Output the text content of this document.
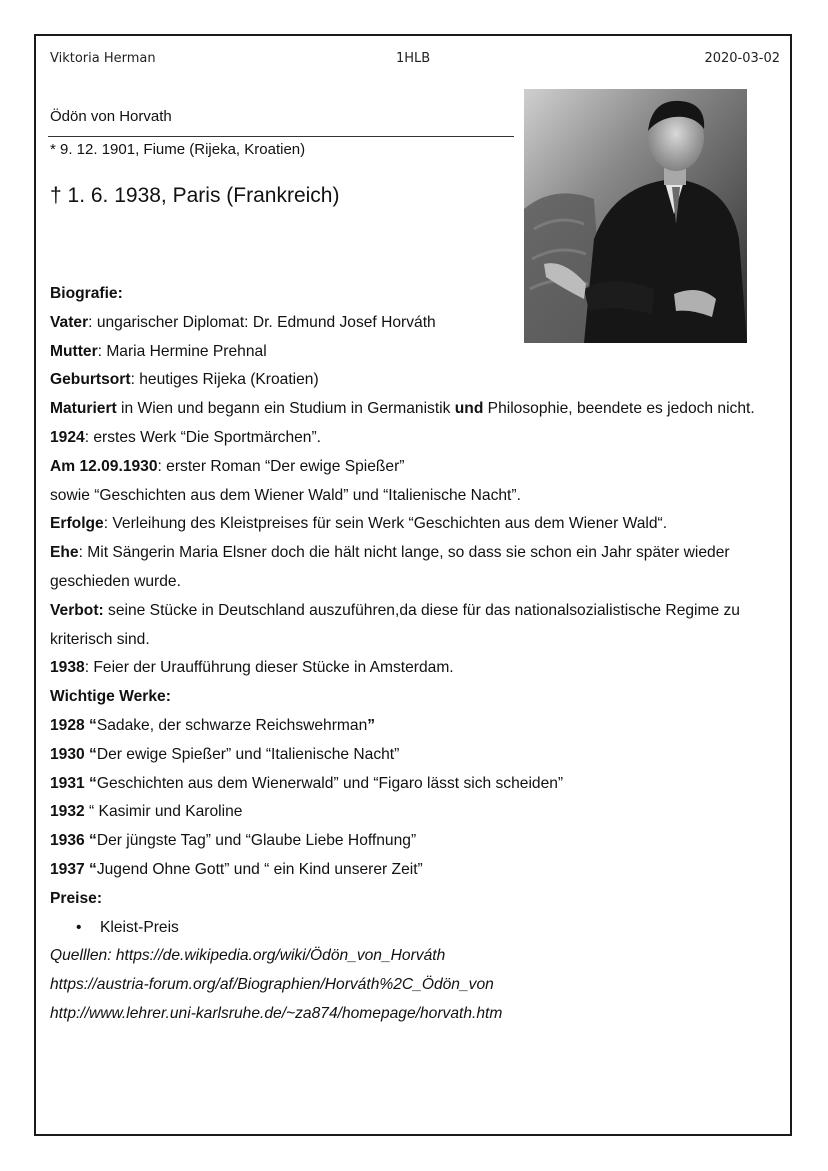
Viktoria Herman	1HLB	2020-03-02
Ödön von Horvath
* 9. 12. 1901, Fiume (Rijeka, Kroatien)
† 1. 6. 1938, Paris (Frankreich)

Biografie:

Vater: ungarischer Diplomat: Dr. Edmund Josef Horváth

Mutter: Maria Hermine Prehnal

Geburtsort: heutiges Rijeka (Kroatien)

Maturiert in Wien und begann ein Studium in Germanistik und Philosophie, beendete es jedoch nicht.

1924: erstes Werk “Die Sportmärchen”.

Am 12.09.1930: erster Roman “Der ewige Spießer”

sowie “Geschichten aus dem Wiener Wald” und “Italienische Nacht”.

Erfolge: Verleihung des Kleistpreises für sein Werk “Geschichten aus dem Wiener Wald“.

Ehe: Mit Sängerin Maria Elsner doch die hält nicht lange, so dass sie schon ein Jahr später wieder geschieden wurde.

Verbot: seine Stücke in Deutschland auszuführen,da diese für das nationalsozialistische Regime zu kriterisch sind.

1938: Feier der Uraufführung dieser Stücke in Amsterdam.

Wichtige Werke:

1928 “Sadake, der schwarze Reichswehrman”

1930 “Der ewige Spießer” und “Italienische Nacht”

1931 “Geschichten aus dem Wienerwald” und “Figaro lässt sich scheiden”

1932 “ Kasimir und Karoline

1936 “Der jüngste Tag” und “Glaube Liebe Hoffnung”

1937 “Jugend Ohne Gott” und “ ein Kind unserer Zeit”

Preise:

• Kleist-Preis

Quelllen: https://de.wikipedia.org/wiki/Ödön_von_Horváth

https://austria-forum.org/af/Biographien/Horváth%2C_Ödön_von

http://www.lehrer.uni-karlsruhe.de/~za874/homepage/horvath.htm
